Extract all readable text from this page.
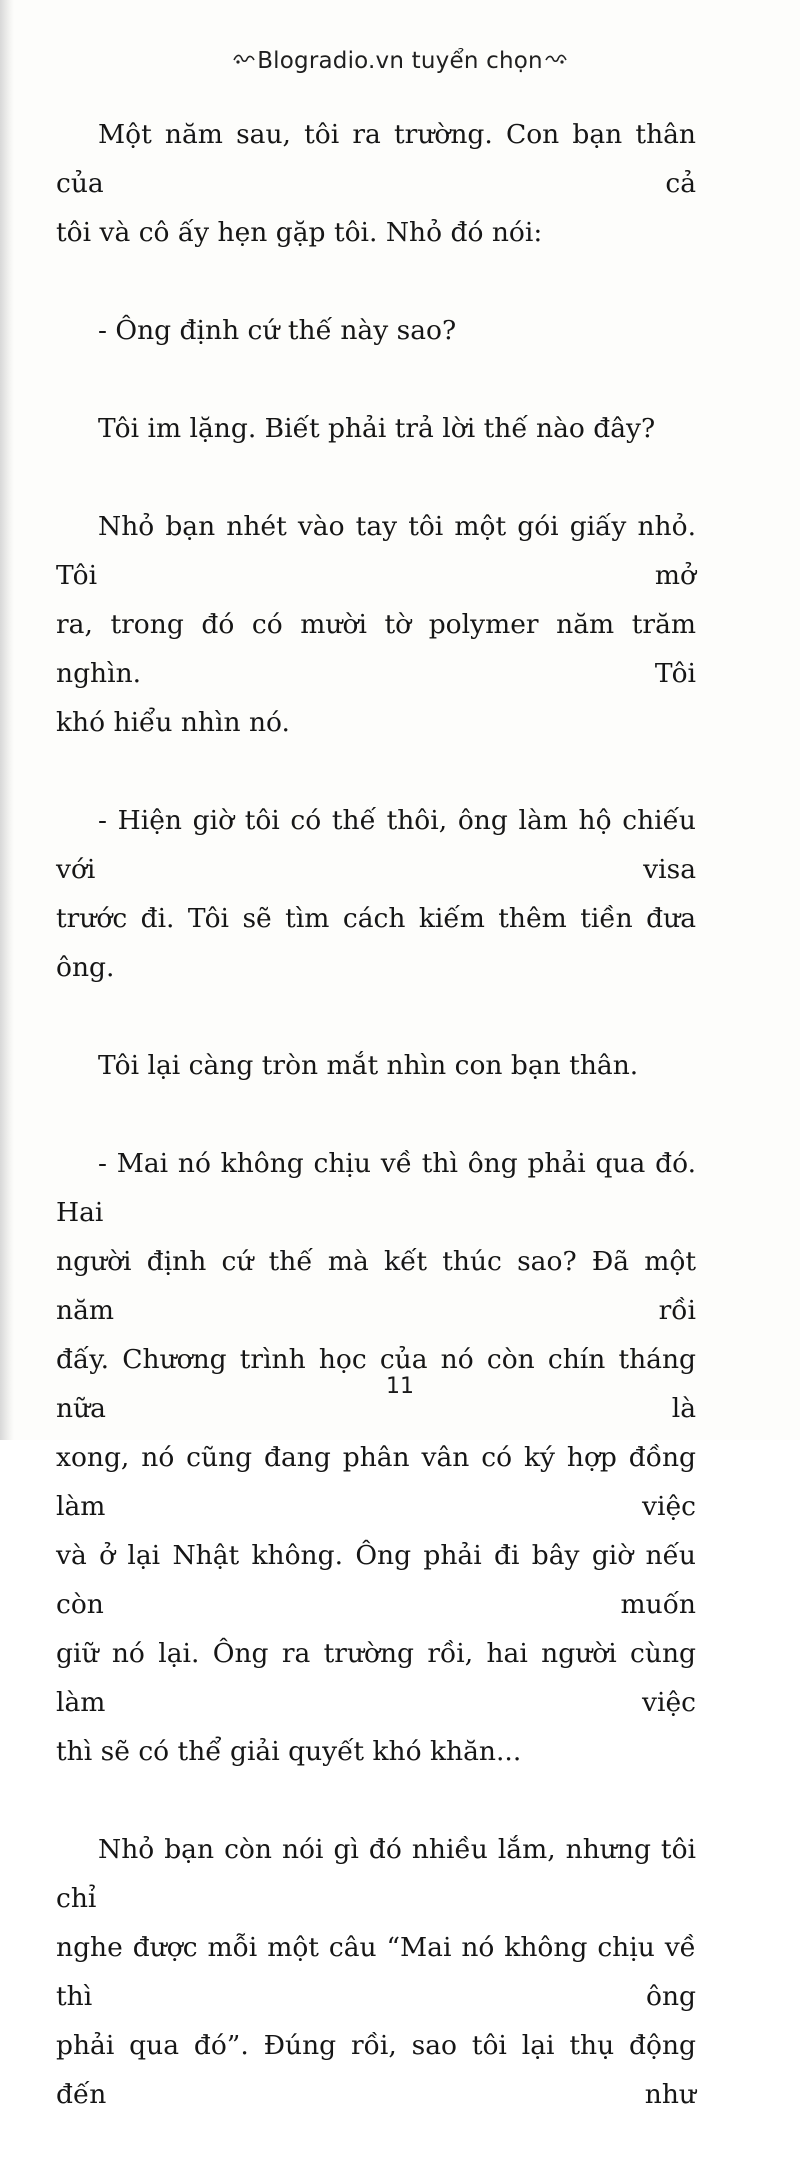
Blogradio.vn tuyển chọn

Một năm sau, tôi ra trường. Con bạn thân của cả
tôi và cô ấy hẹn gặp tôi. Nhỏ đó nói:

- Ông định cứ thế này sao?

Tôi im lặng. Biết phải trả lời thế nào đây?

Nhỏ bạn nhét vào tay tôi một gói giấy nhỏ. Tôi mở
ra, trong đó có mười tờ polymer năm trăm nghìn. Tôi
khó hiểu nhìn nó.

- Hiện giờ tôi có thế thôi, ông làm hộ chiếu với visa
trước đi. Tôi sẽ tìm cách kiếm thêm tiền đưa ông.

Tôi lại càng tròn mắt nhìn con bạn thân.

- Mai nó không chịu về thì ông phải qua đó. Hai
người định cứ thế mà kết thúc sao? Đã một năm rồi
đấy. Chương trình học của nó còn chín tháng nữa là
xong, nó cũng đang phân vân có ký hợp đồng làm việc
và ở lại Nhật không. Ông phải đi bây giờ nếu còn muốn
giữ nó lại. Ông ra trường rồi, hai người cùng làm việc
thì sẽ có thể giải quyết khó khăn...

Nhỏ bạn còn nói gì đó nhiều lắm, nhưng tôi chỉ
nghe được mỗi một câu “Mai nó không chịu về thì ông
phải qua đó”. Đúng rồi, sao tôi lại thụ động đến như

11
